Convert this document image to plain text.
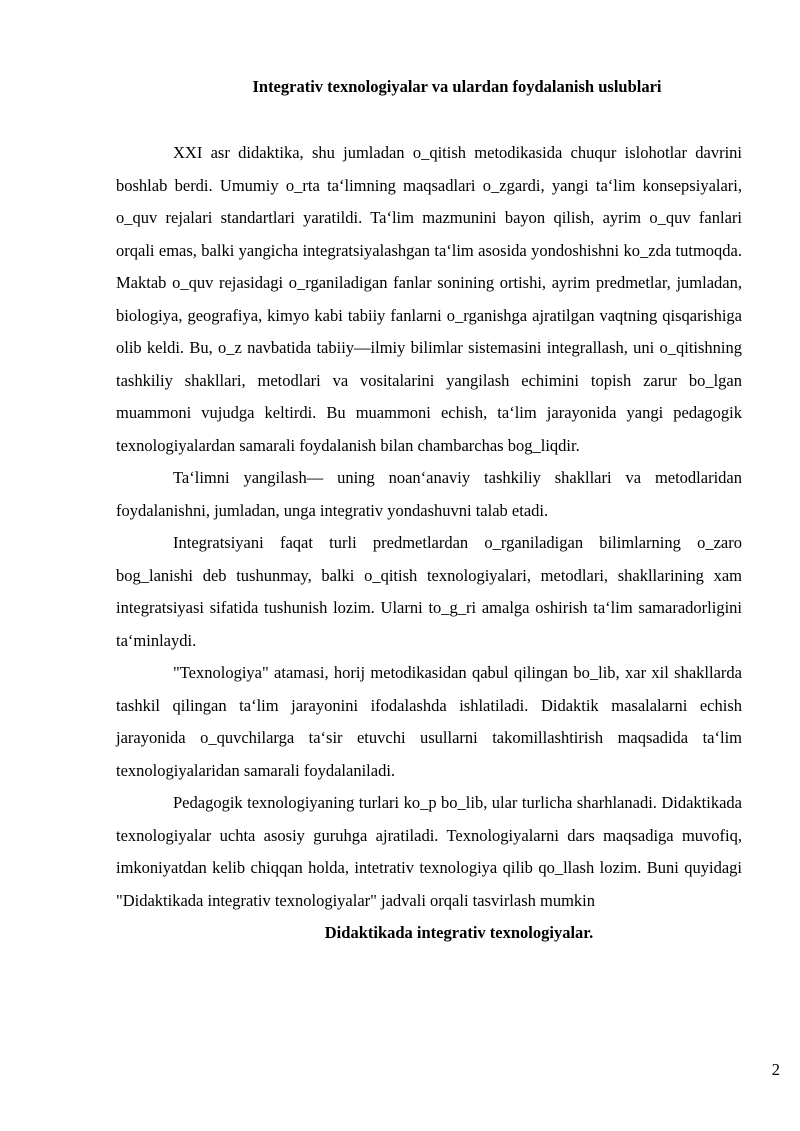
Integrativ texnologiyalar va ulardan foydalanish uslublari

XXI asr didaktika, shu jumladan o_qitish metodikasida chuqur islohotlar davrini boshlab berdi. Umumiy o_rta ta‘limning maqsadlari o_zgardi, yangi ta‘lim konsepsiyalari, o_quv rejalari standartlari yaratildi. Ta‘lim mazmunini bayon qilish, ayrim o_quv fanlari orqali emas, balki yangicha integratsiyalashgan ta‘lim asosida yondoshishni ko_zda tutmoqda. Maktab o_quv rejasidagi o_rganiladigan fanlar sonining ortishi, ayrim predmetlar, jumladan, biologiya, geografiya, kimyo kabi tabiiy fanlarni o_rganishga ajratilgan vaqtning qisqarishiga olib keldi. Bu, o_z navbatida tabiiy—ilmiy bilimlar sistemasini integrallash, uni o_qitishning tashkiliy shakllari, metodlari va vositalarini yangilash echimini topish zarur bo_lgan muammoni vujudga keltirdi. Bu muammoni echish, ta‘lim jarayonida yangi pedagogik texnologiyalardan samarali foydalanish bilan chambarchas bog_liqdir.

Ta‘limni yangilash— uning noan‘anaviy tashkiliy shakllari va metodlaridan foydalanishni, jumladan, unga integrativ yondashuvni talab etadi.

Integratsiyani faqat turli predmetlardan o_rganiladigan bilimlarning o_zaro bog_lanishi deb tushunmay, balki o_qitish texnologiyalari, metodlari, shakllarining xam integratsiyasi sifatida tushunish lozim. Ularni to_g_ri amalga oshirish ta‘lim samaradorligini ta‘minlaydi.

"Texnologiya" atamasi, horij metodikasidan qabul qilingan bo_lib, xar xil shakllarda tashkil qilingan ta‘lim jarayonini ifodalashda ishlatiladi. Didaktik masalalarni echish jarayonida o_quvchilarga ta‘sir etuvchi usullarni takomillashtirish maqsadida ta‘lim texnologiyalaridan samarali foydalaniladi.

Pedagogik texnologiyaning turlari ko_p bo_lib, ular turlicha sharhlanadi. Didaktikada texnologiyalar uchta asosiy guruhga ajratiladi. Texnologiyalarni dars maqsadiga muvofiq, imkoniyatdan kelib chiqqan holda, intetrativ texnologiya qilib qo_llash lozim. Buni quyidagi "Didaktikada integrativ texnologiyalar" jadvali orqali tasvirlash mumkin

Didaktikada integrativ texnologiyalar.
2
